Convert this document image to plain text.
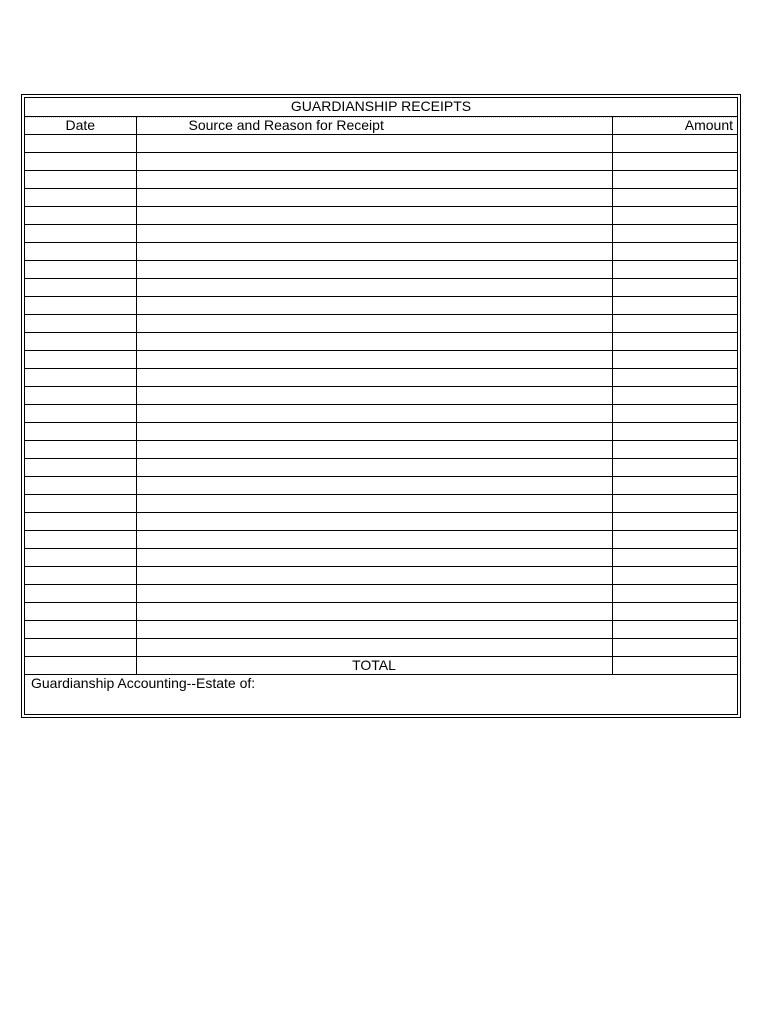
GUARDIANSHIP RECEIPTS		
Date	Source and Reason for Receipt	Amount

	TOTAL	
Guardianship Accounting--Estate of:		
